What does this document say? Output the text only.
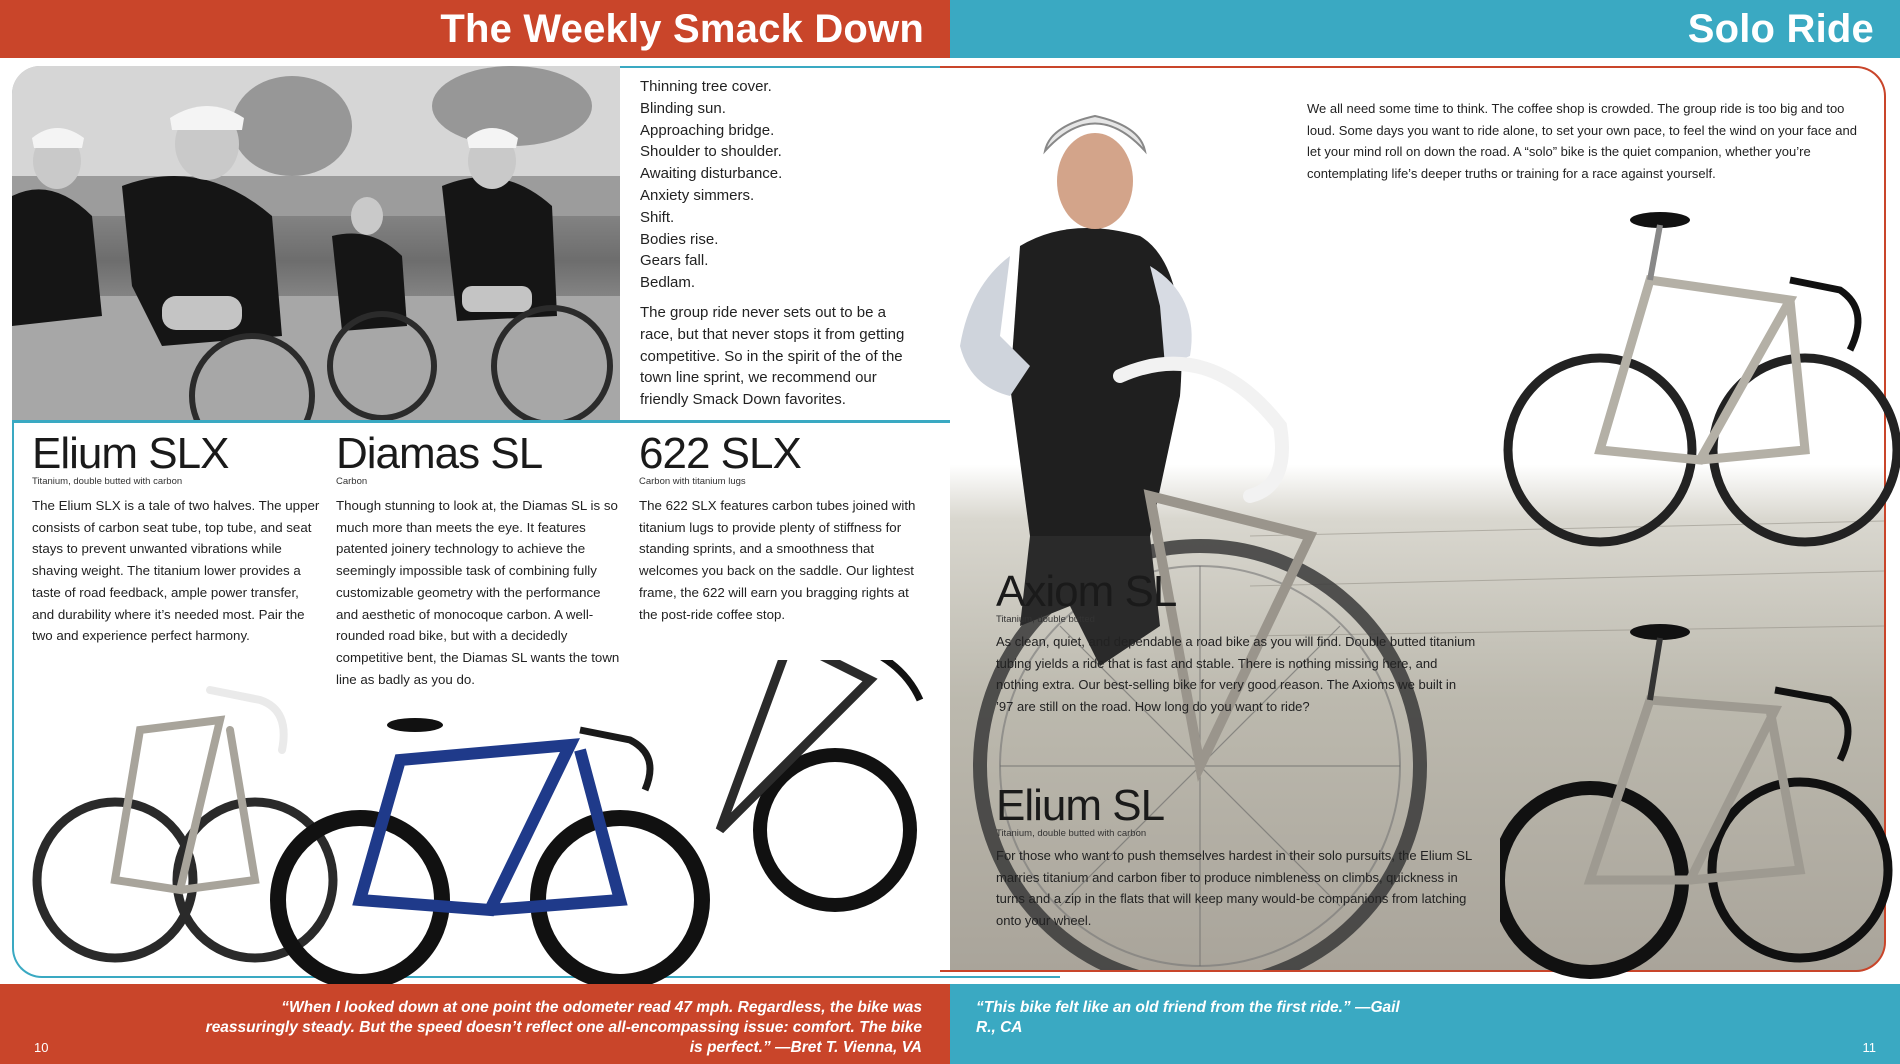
The Weekly Smack Down	Solo Ride
Thinning tree cover.
Blinding sun.
Approaching bridge.
Shoulder to shoulder.
Awaiting disturbance.
Anxiety simmers.
Shift.
Bodies rise.
Gears fall.
Bedlam.
The group ride never sets out to be a race, but that never stops it from getting competitive. So in the spirit of the of the town line sprint, we recommend our friendly Smack Down favorites.
Elium SLX
Titanium, double butted with carbon
The Elium SLX is a tale of two halves. The upper consists of carbon seat tube, top tube, and seat stays to prevent unwanted vibrations while shaving weight. The titanium lower provides a taste of road feedback, ample power transfer, and durability where it’s needed most. Pair the two and experience perfect harmony.
Diamas SL
Carbon
Though stunning to look at, the Diamas SL is so much more than meets the eye. It features patented joinery technology to achieve the seemingly impossible task of combining fully customizable geometry with the performance and aesthetic of monocoque carbon. A well-rounded road bike, but with a decidedly competitive bent, the Diamas SL wants the town line as badly as you do.
622 SLX
Carbon with titanium lugs
The 622 SLX features carbon tubes joined with titanium lugs to provide plenty of stiffness for standing sprints, and a smoothness that welcomes you back on the saddle. Our lightest frame, the 622 will earn you bragging rights at the post-ride coffee stop.
We all need some time to think. The coffee shop is crowded. The group ride is too big and too loud. Some days you want to ride alone, to set your own pace, to feel the wind on your face and let your mind roll on down the road. A “solo” bike is the quiet companion, whether you’re contemplating life’s deeper truths or training for a race against yourself.
Axiom SL
Titanium, double butted
As clean, quiet, and dependable a road bike as you will find. Double butted titanium tubing yields a ride that is fast and stable. There is nothing missing here, and nothing extra. Our best-selling bike for very good reason. The Axioms we built in ’97 are still on the road. How long do you want to ride?
Elium SL
Titanium, double butted with carbon
For those who want to push themselves hardest in their solo pursuits, the Elium SL marries titanium and carbon fiber to produce nimbleness on climbs, quickness in turns and a zip in the flats that will keep many would-be companions from latching onto your wheel.
“When I looked down at one point the odometer read 47 mph. Regardless, the bike was reassuringly steady. But the speed doesn’t reflect one all-encompassing issue: comfort. The bike is perfect.” —Bret T. Vienna, VA
10
“This bike felt like an old friend from the first ride.” —Gail R., CA
11
